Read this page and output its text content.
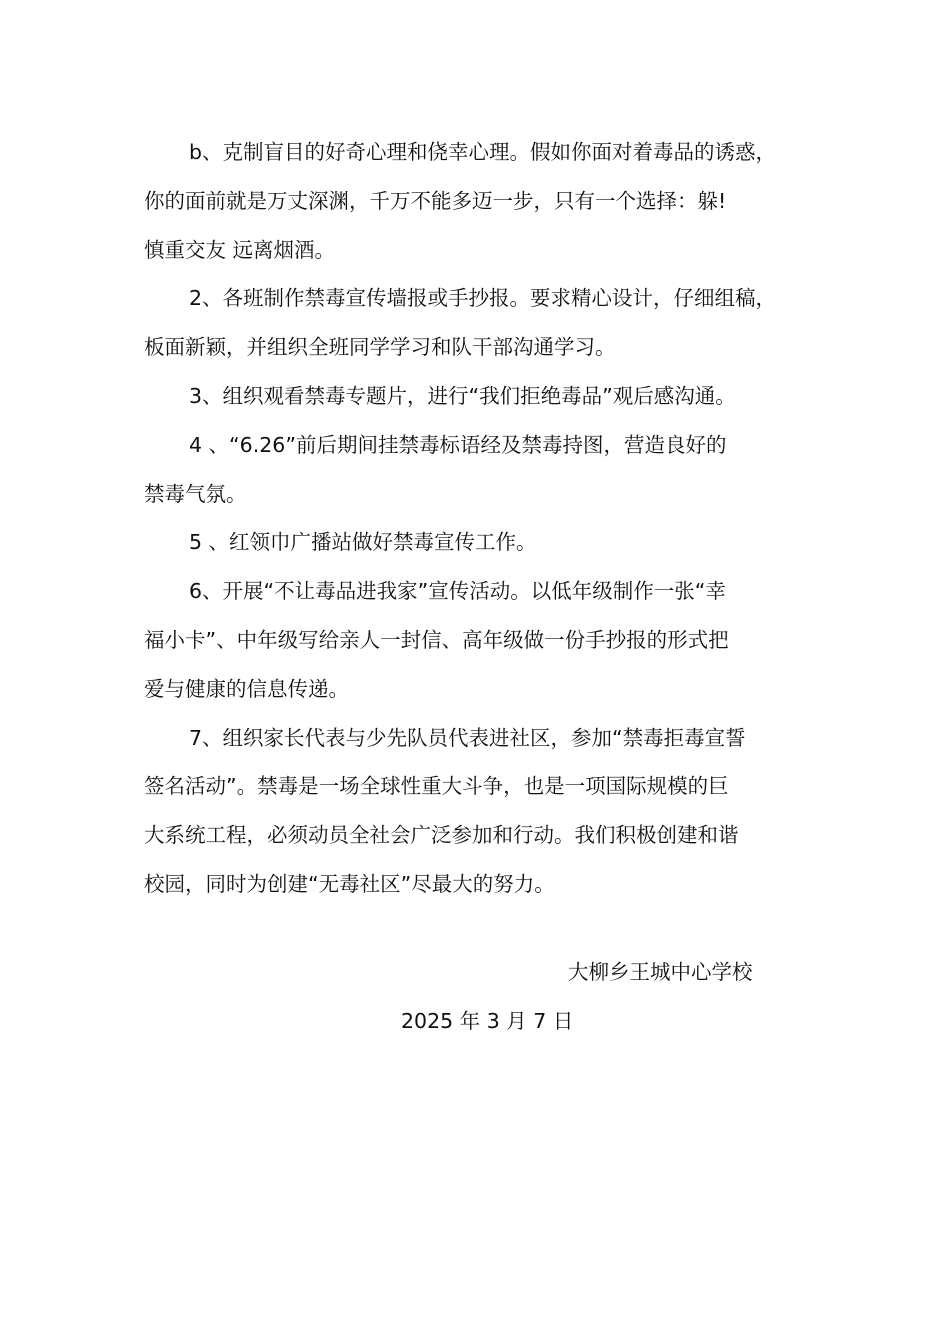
b、克制盲目的好奇心理和侥幸心理。假如你面对着毒品的诱惑，
你的面前就是万丈深渊，千万不能多迈一步，只有一个选择：躲!
慎重交友 远离烟酒。
2、各班制作禁毒宣传墙报或手抄报。要求精心设计，仔细组稿，
板面新颖，并组织全班同学学习和队干部沟通学习。
3、组织观看禁毒专题片，进行“我们拒绝毒品”观后感沟通。
4 、“6.26”前后期间挂禁毒标语经及禁毒持图，营造良好的
禁毒气氛。
5 、红领巾广播站做好禁毒宣传工作。
6、开展“不让毒品进我家”宣传活动。以低年级制作一张“幸
福小卡”、中年级写给亲人一封信、高年级做一份手抄报的形式把
爱与健康的信息传递。
7、组织家长代表与少先队员代表进社区，参加“禁毒拒毒宣誓
签名活动”。禁毒是一场全球性重大斗争，也是一项国际规模的巨
大系统工程，必须动员全社会广泛参加和行动。我们积极创建和谐
校园，同时为创建“无毒社区”尽最大的努力。
大柳乡王城中心学校
2025 年 3 月 7 日
